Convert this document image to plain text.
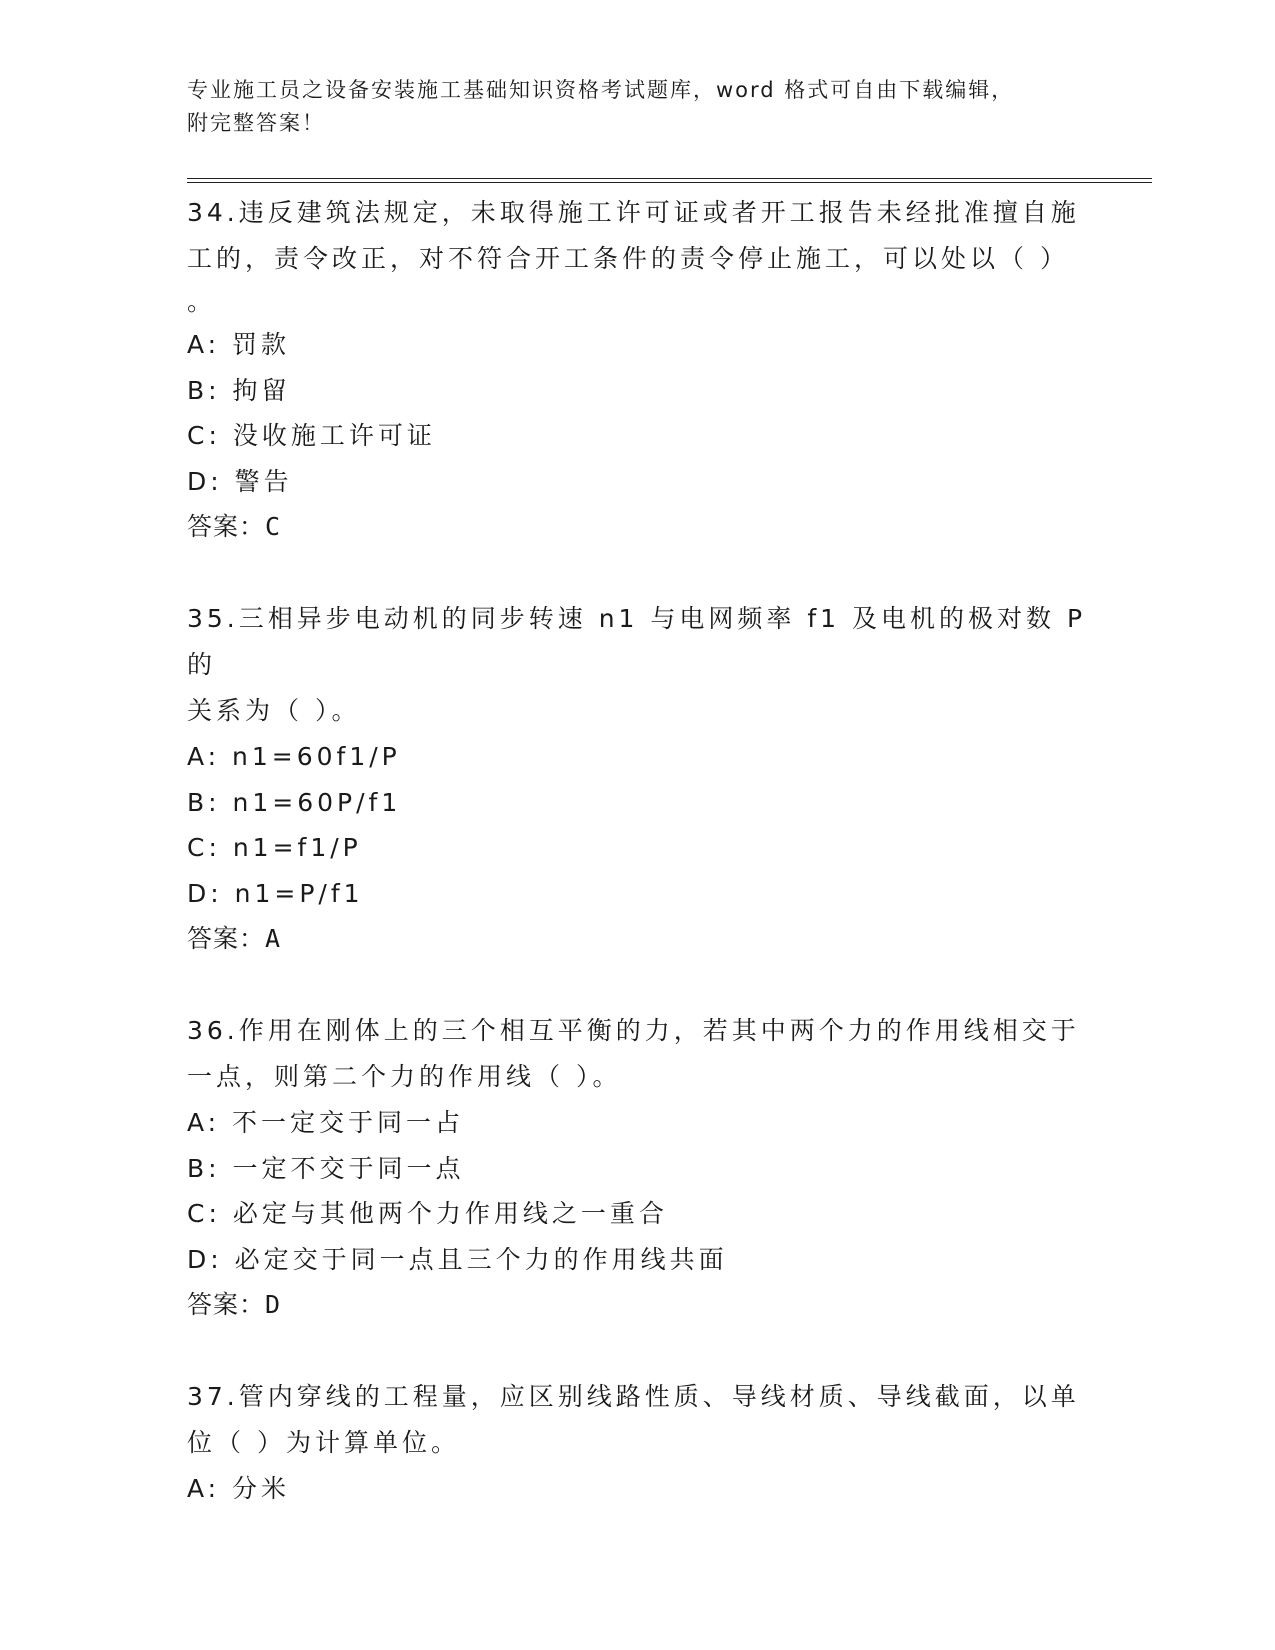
专业施工员之设备安装施工基础知识资格考试题库，word 格式可自由下载编辑，
附完整答案！

34.违反建筑法规定，未取得施工许可证或者开工报告未经批准擅自施

工的，责令改正，对不符合开工条件的责令停止施工，可以处以（ ）

。

A: 罚款

B: 拘留

C: 没收施工许可证

D: 警告

答案：C

35.三相异步电动机的同步转速 n1 与电网频率 f1 及电机的极对数 P 的

关系为（ ）。

A: n1=60f1/P

B: n1=60P/f1

C: n1=f1/P

D: n1=P/f1

答案：A

36.作用在刚体上的三个相互平衡的力，若其中两个力的作用线相交于

一点，则第二个力的作用线（ ）。

A: 不一定交于同一占

B: 一定不交于同一点

C: 必定与其他两个力作用线之一重合

D: 必定交于同一点且三个力的作用线共面

答案：D

37.管内穿线的工程量，应区别线路性质、导线材质、导线截面，以单

位（ ）为计算单位。

A: 分米
